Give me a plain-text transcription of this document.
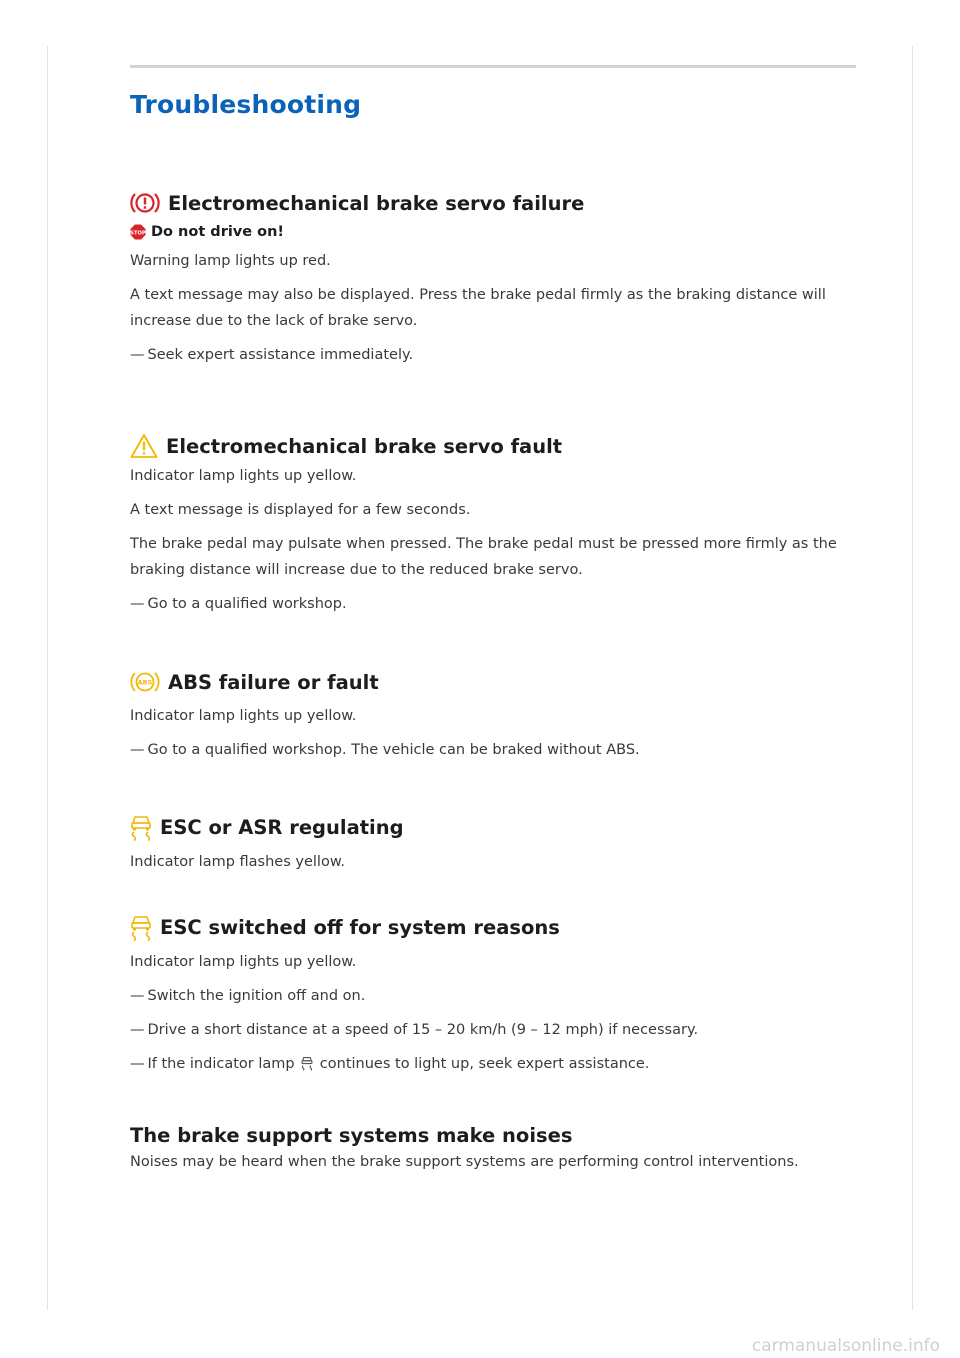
Troubleshooting
Electromechanical brake servo failure
STOP Do not drive on!

Warning lamp lights up red.

A text message may also be displayed. Press the brake pedal firmly as the braking distance will increase due to the lack of brake servo.

— Seek expert assistance immediately.

Electromechanical brake servo fault

Indicator lamp lights up yellow.

A text message is displayed for a few seconds.

The brake pedal may pulsate when pressed. The brake pedal must be pressed more firmly as the braking distance will increase due to the reduced brake servo.

— Go to a qualified workshop.

ABS ABS failure or fault

Indicator lamp lights up yellow.

— Go to a qualified workshop. The vehicle can be braked without ABS.

ESC or ASR regulating

Indicator lamp flashes yellow.

ESC switched off for system reasons

Indicator lamp lights up yellow.

— Switch the ignition off and on.

— Drive a short distance at a speed of 15 – 20 km/h (9 – 12 mph) if necessary.

— If the indicator lamp continues to light up, seek expert assistance.

The brake support systems make noises

Noises may be heard when the brake support systems are performing control interventions.

carmanualsonline.info
